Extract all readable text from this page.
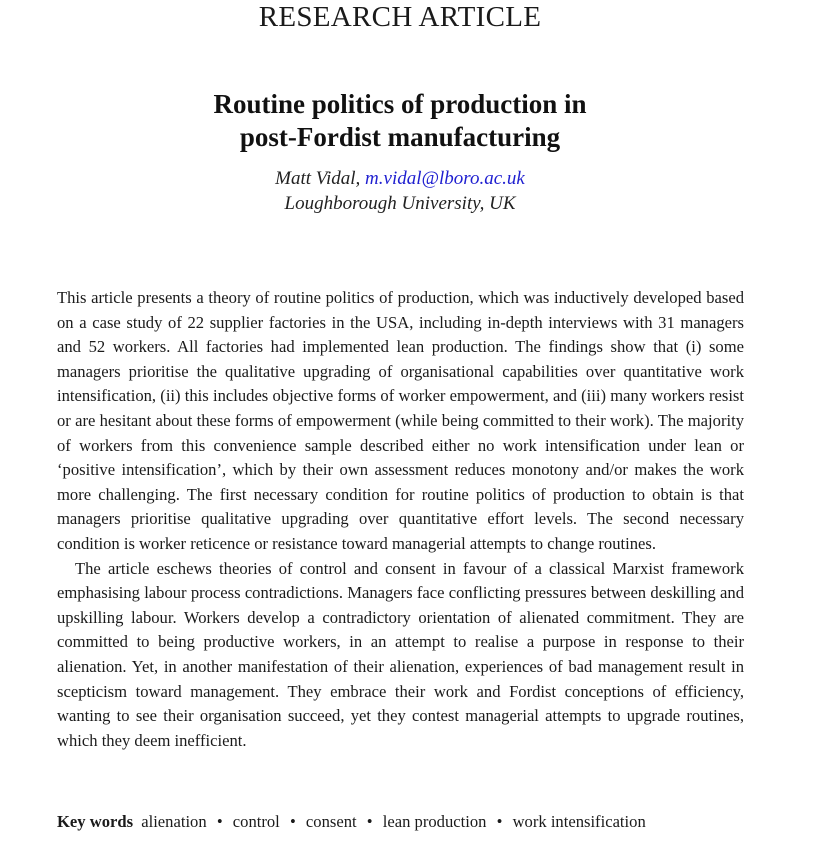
RESEARCH ARTICLE
Routine politics of production in
post-Fordist manufacturing
Matt Vidal, m.vidal@lboro.ac.uk
Loughborough University, UK

This article presents a theory of routine politics of production, which was inductively developed based on a case study of 22 supplier factories in the USA, including in-depth interviews with 31 managers and 52 workers. All factories had implemented lean production. The findings show that (i) some managers prioritise the qualitative upgrading of organisational capabilities over quantitative work intensification, (ii) this includes objective forms of worker empowerment, and (iii) many workers resist or are hesitant about these forms of empowerment (while being committed to their work). The majority of workers from this convenience sample described either no work intensification under lean or ‘positive intensification’, which by their own assessment reduces monotony and/or makes the work more challenging. The first necessary condition for routine politics of production to obtain is that managers prioritise qualitative upgrading over quantitative effort levels. The second necessary condition is worker reticence or resistance toward managerial attempts to change routines.

The article eschews theories of control and consent in favour of a classical Marxist framework emphasising labour process contradictions. Managers face conflicting pressures between deskilling and upskilling labour. Workers develop a contradictory orientation of alienated commitment. They are committed to being productive workers, in an attempt to realise a purpose in response to their alienation. Yet, in another manifestation of their alienation, experiences of bad management result in scepticism toward management. They embrace their work and Fordist conceptions of efficiency, wanting to see their organisation succeed, yet they contest managerial attempts to upgrade routines, which they deem inefficient.

Key words alienation • control • consent • lean production • work intensification
